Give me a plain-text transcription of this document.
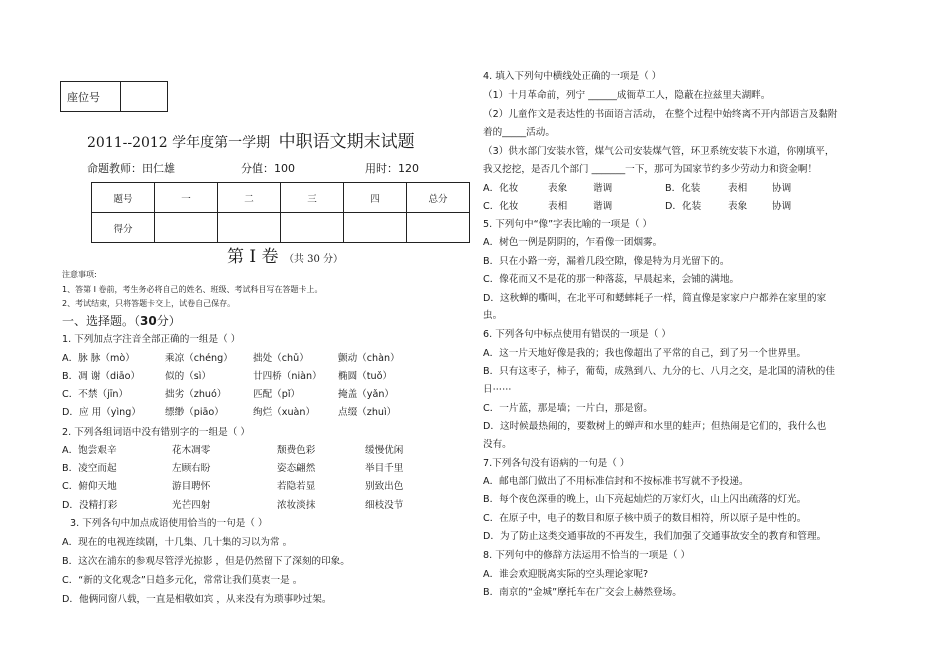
座位号	
2011--2012 学年度第一学期 中职语文期末试题
命题教师：田仁雄	分值：100	用时：120
题号	一	二	三	四	总分
得分					
第 Ⅰ 卷 （共 30 分）
注意事项:
1、答第 Ⅰ 卷前，考生务必将自己的姓名、班级、考试科目写在答题卡上。
2、考试结束，只将答题卡交上，试卷自己保存。
一、选择题。（30分）
1. 下列加点字注音全部正确的一组是（ ）
A．脉 脉（mò）	乘凉（chéng） 拙处（chǔ）	颤动（chàn）
B．凋 谢（diāo）	似的（sì）	廿四桥（niàn） 椭圆（tuǒ）
C．不禁（jīn）	拙劣（zhuó）	匹配（pǐ）	掩盖（yǎn）
D．应 用（yìng）	缥缈（piāo）	绚烂（xuàn） 点缀（zhuì）
2. 下列各组词语中没有错别字的一组是（ ）
A．饱尝艰辛	花木凋零	颓费色彩	缓慢优闲
B．凌空而起	左顾右盼	姿态翩然	举目千里
C．俯仰天地	游目聘怀	若隐若显	别致出色
D．没精打彩	光芒四射	浓妆淡抹	细枝没节
3. 下列各句中加点成语使用恰当的一句是（ ）
A．现在的电视连续剧，十几集、几十集的习以为常 。
B．这次在浦东的参观尽管浮光掠影 ，但是仍然留下了深刻的印象。
C．“新的文化观念”日趋多元化，常常让我们莫衷一是 。
D．他俩同窗八载，一直是相敬如宾 ，从来没有为琐事吵过架。
4. 填入下列句中横线处正确的一项是（ ）
（1）十月革命前，列宁 ______成衙草工人，隐蔽在拉兹里夫湖畔。
（2）儿童作文是表达性的书面语言活动， 在整个过程中始终离不开内部语言及黏附
着的_____活动。
（3）供水部门安装水管，煤气公司安装煤气管，环卫系统安装下水道，你刚填平，
我又挖挖，是否几个部门 _______一下，那可为国家节约多少劳动力和资金啊！
A．化妆	表象	谐调	B．化装	表相	协调
C．化妆	表相	谐调	D．化装	表象	协调
5. 下列句中“像”字表比喻的一项是（ ）
A．树色一例是阴阴的，乍看像一团烟雾。
B．只在小路一旁，漏着几段空隙，像是特为月光留下的。
C．像花而又不是花的那一种落蕊，早晨起来，会铺的满地。
D．这秋蝉的嘶叫，在北平可和蟋蟀耗子一样，简直像是家家户户都养在家里的家
虫。
6. 下列各句中标点使用有错误的一项是（ ）
A．这一片天地好像是我的；我也像超出了平常的自己，到了另一个世界里。
B．只有这枣子，柿子，葡萄，成熟到八、九分的七、八月之交，是北国的清秋的佳
日⋯⋯
C．一片蓝，那是墙；一片白，那是窗。
D．这时候最热闹的，要数树上的蝉声和水里的蛙声；但热闹是它们的，我什么也
没有。
7.下列各句没有语病的一句是（ ）
A．邮电部门做出了不用标准信封和不按标准书写就不予投递。
B．每个夜色深垂的晚上，山下亮起灿烂的万家灯火，山上闪出疏落的灯光。
C．在原子中，电子的数目和原子核中质子的数目相符，所以原子是中性的。
D．为了防止这类交通事故的不再发生，我们加强了交通事故安全的教育和管理。
8. 下列句中的修辞方法运用不恰当的一项是（ ）
A．谁会欢迎脱离实际的空头理论家呢?
B．南京的“金城”摩托车在广交会上赫然登场。
